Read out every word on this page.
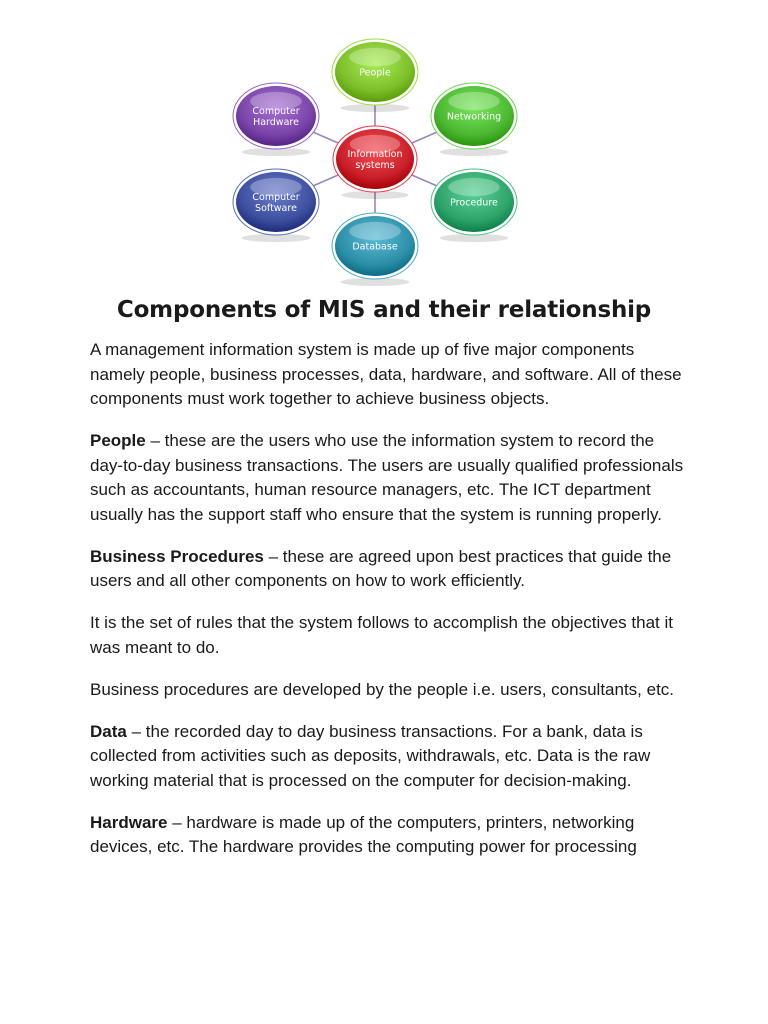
People
Networking
Procedure
Database
Computer
Software
Computer
Hardware
Information
systems
Components of MIS and their relationship

A management information system is made up of five major components namely people, business processes, data, hardware, and software. All of these components must work together to achieve business objects.

People – these are the users who use the information system to record the day-to-day business transactions. The users are usually qualified professionals such as accountants, human resource managers, etc. The ICT department usually has the support staff who ensure that the system is running properly.

Business Procedures – these are agreed upon best practices that guide the users and all other components on how to work efficiently.

It is the set of rules that the system follows to accomplish the objectives that it was meant to do.

Business procedures are developed by the people i.e. users, consultants, etc.

Data – the recorded day to day business transactions. For a bank, data is collected from activities such as deposits, withdrawals, etc. Data is the raw working material that is processed on the computer for decision-making.

Hardware – hardware is made up of the computers, printers, networking devices, etc. The hardware provides the computing power for processing
